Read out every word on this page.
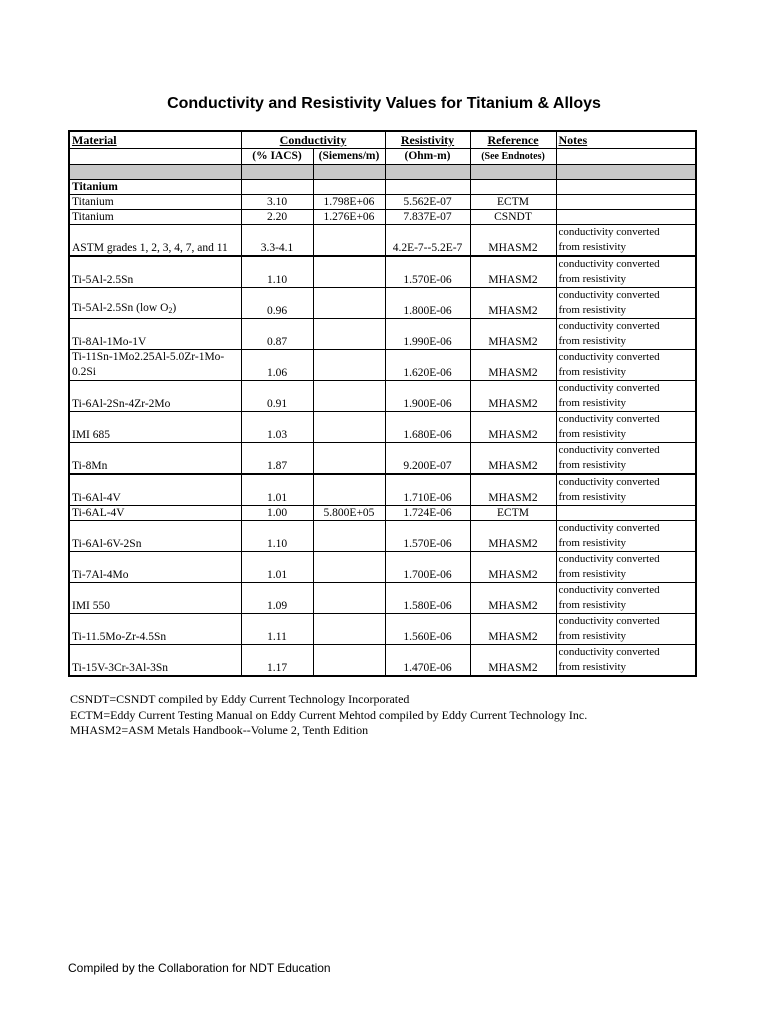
Conductivity and Resistivity Values for Titanium & Alloys
Material	Conductivity		Resistivity	Reference	Notes
	(% IACS)	(Siemens/m)	(Ohm-m)	(See Endnotes)	

Titanium					
Titanium	3.10	1.798E+06	5.562E-07	ECTM	
Titanium	2.20	1.276E+06	7.837E-07	CSNDT	
ASTM grades 1, 2, 3, 4, 7, and 11	3.3-4.1		4.2E-7--5.2E-7	MHASM2	conductivity converted
from resistivity
Ti-5Al-2.5Sn	1.10		1.570E-06	MHASM2	conductivity converted
from resistivity
Ti-5Al-2.5Sn (low $O_2$)	0.96		1.800E-06	MHASM2	conductivity converted
from resistivity
Ti-8Al-1Mo-1V	0.87		1.990E-06	MHASM2	conductivity converted
from resistivity
Ti-11Sn-1Mo2.25Al-5.0Zr-1Mo-
0.2Si	1.06		1.620E-06	MHASM2	conductivity converted
from resistivity
Ti-6Al-2Sn-4Zr-2Mo	0.91		1.900E-06	MHASM2	conductivity converted
from resistivity
IMI 685	1.03		1.680E-06	MHASM2	conductivity converted
from resistivity
Ti-8Mn	1.87		9.200E-07	MHASM2	conductivity converted
from resistivity
Ti-6Al-4V	1.01		1.710E-06	MHASM2	conductivity converted
from resistivity
Ti-6AL-4V	1.00	5.800E+05	1.724E-06	ECTM	
Ti-6Al-6V-2Sn	1.10		1.570E-06	MHASM2	conductivity converted
from resistivity
Ti-7Al-4Mo	1.01		1.700E-06	MHASM2	conductivity converted
from resistivity
IMI 550	1.09		1.580E-06	MHASM2	conductivity converted
from resistivity
Ti-11.5Mo-Zr-4.5Sn	1.11		1.560E-06	MHASM2	conductivity converted
from resistivity
Ti-15V-3Cr-3Al-3Sn	1.17		1.470E-06	MHASM2	conductivity converted
from resistivity
CSNDT=CSNDT compiled by Eddy Current Technology Incorporated
ECTM=Eddy Current Testing Manual on Eddy Current Mehtod compiled by Eddy Current Technology Inc.
MHASM2=ASM Metals Handbook--Volume 2, Tenth Edition
Compiled by the Collaboration for NDT Education
